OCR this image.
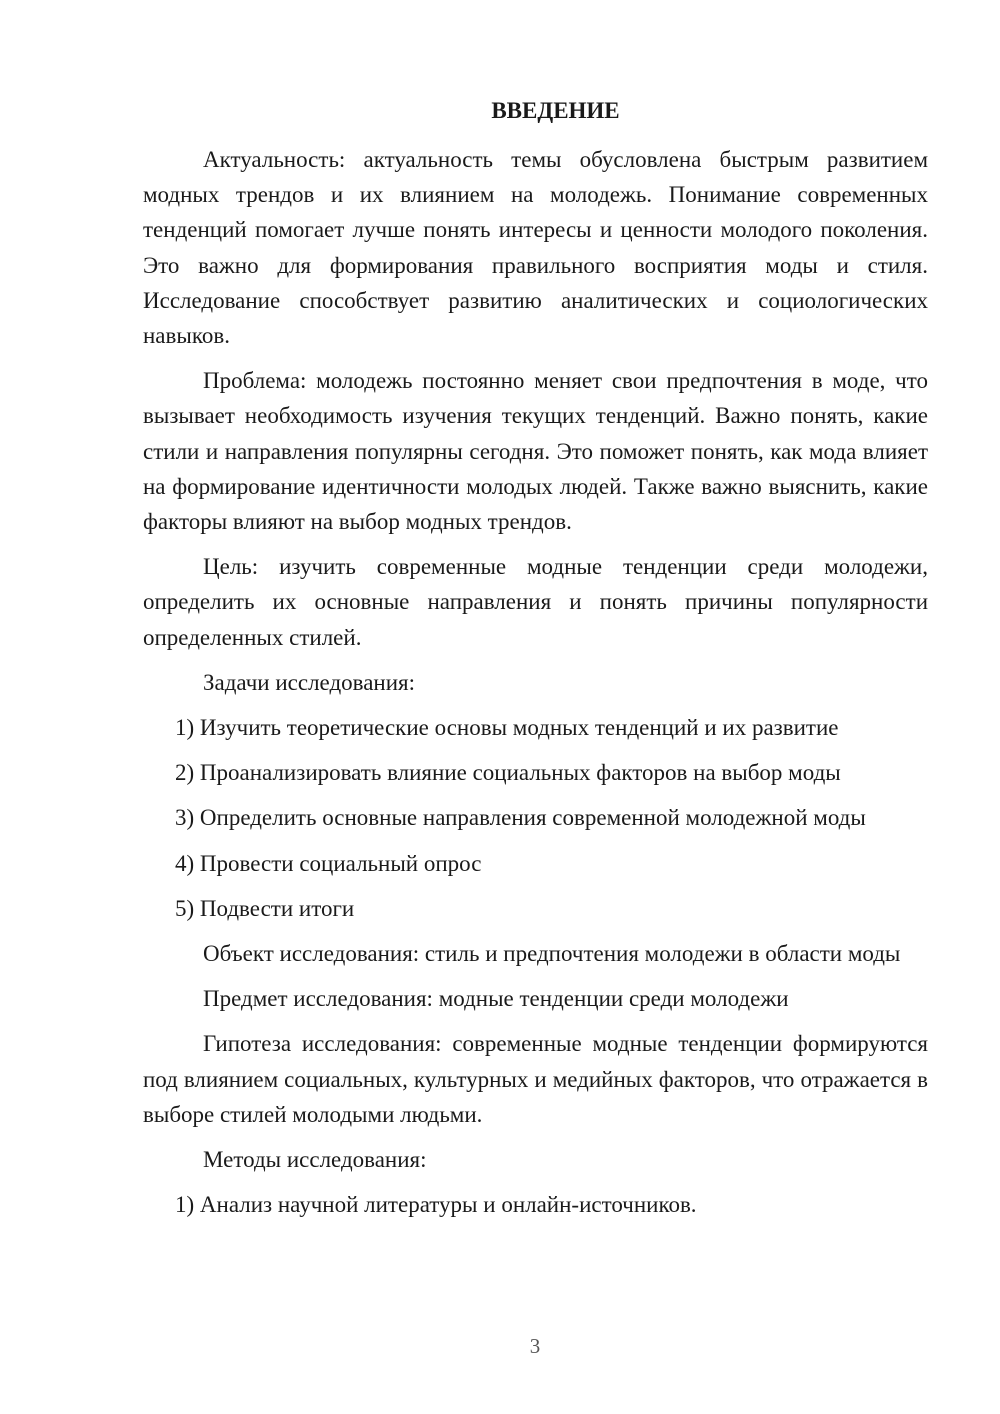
ВВЕДЕНИЕ

Актуальность: актуальность темы обусловлена быстрым развитием модных трендов и их влиянием на молодежь. Понимание современных тенденций помогает лучше понять интересы и ценности молодого поколения. Это важно для формирования правильного восприятия моды и стиля. Исследование способствует развитию аналитических и социологических навыков.

Проблема: молодежь постоянно меняет свои предпочтения в моде, что вызывает необходимость изучения текущих тенденций. Важно понять, какие стили и направления популярны сегодня. Это поможет понять, как мода влияет на формирование идентичности молодых людей. Также важно выяснить, какие факторы влияют на выбор модных трендов.

Цель: изучить современные модные тенденции среди молодежи, определить их основные направления и понять причины популярности определенных стилей.

Задачи исследования:

1) Изучить теоретические основы модных тенденций и их развитие
2) Проанализировать влияние социальных факторов на выбор моды
3) Определить основные направления современной молодежной моды
4) Провести социальный опрос
5) Подвести итоги

Объект исследования: стиль и предпочтения молодежи в области моды

Предмет исследования: модные тенденции среди молодежи

Гипотеза исследования: современные модные тенденции формируются под влиянием социальных, культурных и медийных факторов, что отражается в выборе стилей молодыми людьми.

Методы исследования:

1) Анализ научной литературы и онлайн-источников.
3
